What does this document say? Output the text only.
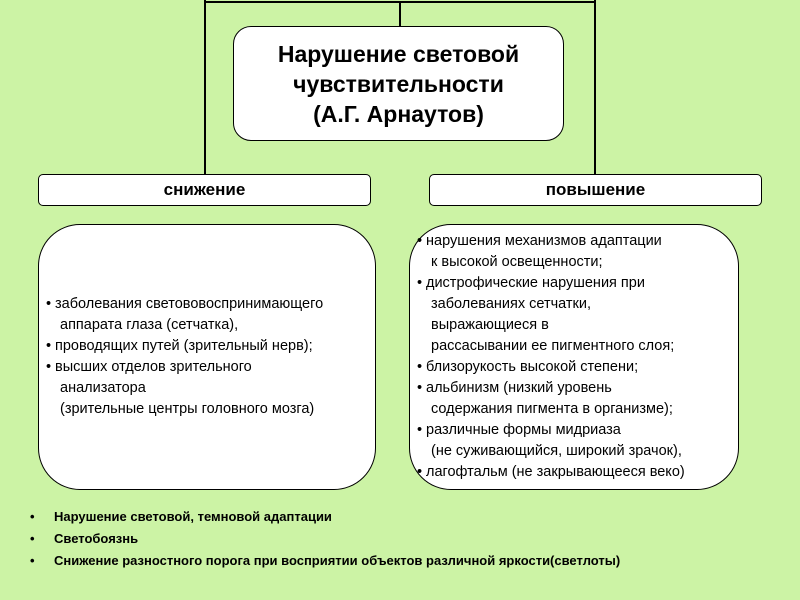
Нарушение световой
чувствительности
(А.Г. Арнаутов)
снижение	повышение
• заболевания светововоспринимающего
аппарата глаза (сетчатка),
• проводящих путей (зрительный нерв);
• высших отделов зрительного
анализатора
(зрительные центры головного мозга)
• нарушения механизмов адаптации
к высокой освещенности;
• дистрофические нарушения при
заболеваниях сетчатки,
выражающиеся в
рассасывании ее пигментного слоя;
• близорукость высокой степени;
• альбинизм (низкий уровень
содержания пигмента в организме);
• различные формы мидриаза
(не суживающийся, широкий зрачок),
• лагофтальм (не закрывающееся веко)
• Нарушение световой, темновой адаптации
• Светобоязнь
• Снижение разностного порога при восприятии объектов различной яркости(светлоты)
